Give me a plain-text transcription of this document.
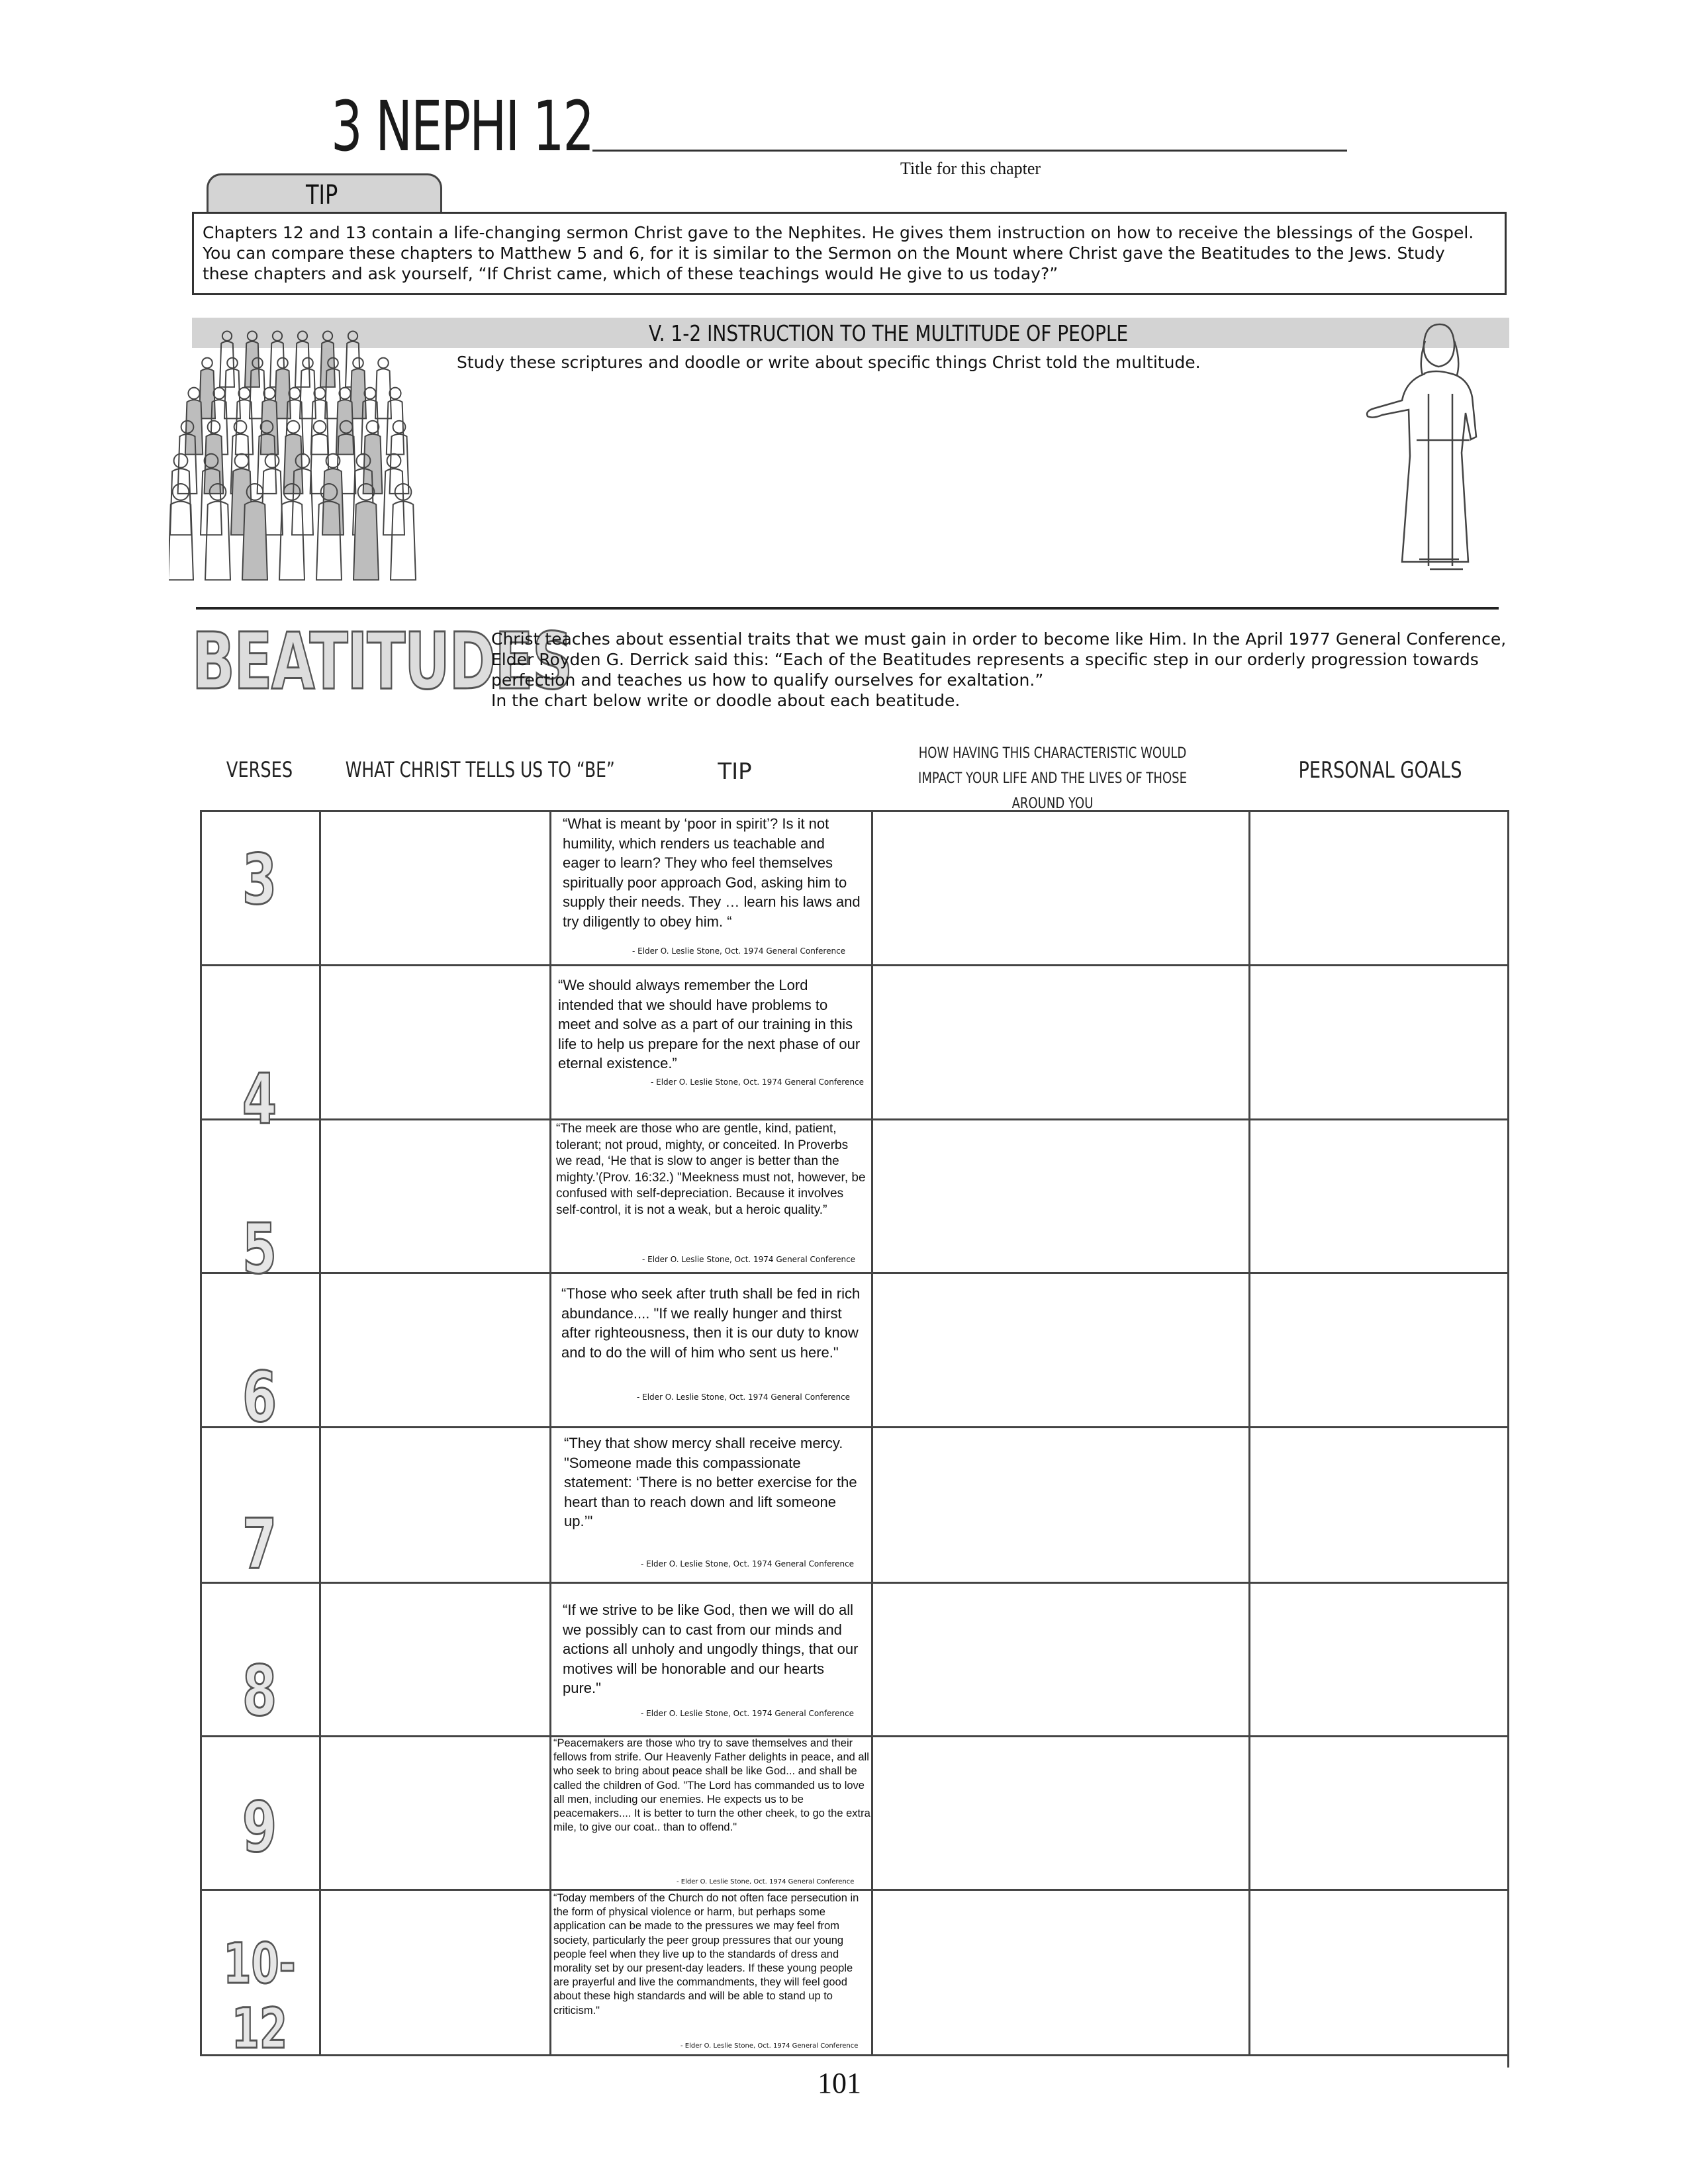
3 NEPHI 12
Title for this chapter
TIP
Chapters 12 and 13 contain a life-changing sermon Christ gave to the Nephites. He gives them instruction on how to receive the blessings of the Gospel. You can compare these chapters to Matthew 5 and 6, for it is similar to the Sermon on the Mount where Christ gave the Beatitudes to the Jews. Study these chapters and ask yourself, “If Christ came, which of these teachings would He give to us today?”
V. 1-2 INSTRUCTION TO THE MULTITUDE OF PEOPLE
Study these scriptures and doodle or write about specific things Christ told the multitude.
BEATITUDES
Christ teaches about essential traits that we must gain in order to become like Him. In the April 1977 General Conference, Elder Royden G. Derrick said this: “Each of the Beatitudes represents a specific step in our orderly progression towards perfection and teaches us how to qualify ourselves for exaltation.”
In the chart below write or doodle about each beatitude.
VERSES	WHAT CHRIST TELLS US TO “BE”	TIP
HOW HAVING THIS CHARACTERISTIC WOULD IMPACT YOUR LIFE AND THE LIVES OF THOSE AROUND YOU
PERSONAL GOALS
3
“What is meant by ‘poor in spirit’? Is it not humility, which renders us teachable and eager to learn? They who feel themselves spiritually poor approach God, asking him to supply their needs. They … learn his laws and try diligently to obey him. “
- Elder O. Leslie Stone, Oct. 1974 General Conference
4
“We should always remember the Lord intended that we should have problems to meet and solve as a part of our training in this life to help us prepare for the next phase of our eternal existence.”
- Elder O. Leslie Stone, Oct. 1974 General Conference
5
“The meek are those who are gentle, kind, patient, tolerant; not proud, mighty, or conceited. In Proverbs we read, ‘He that is slow to anger is better than the mighty.’(Prov. 16:32.) "Meekness must not, however, be confused with self-depreciation. Because it involves self-control, it is not a weak, but a heroic quality.”
- Elder O. Leslie Stone, Oct. 1974 General Conference
6
“Those who seek after truth shall be fed in rich abundance.... "If we really hunger and thirst after righteousness, then it is our duty to know and to do the will of him who sent us here."
- Elder O. Leslie Stone, Oct. 1974 General Conference
7
“They that show mercy shall receive mercy. "Someone made this compassionate statement: ‘There is no better exercise for the heart than to reach down and lift someone up.’"
- Elder O. Leslie Stone, Oct. 1974 General Conference
8
“If we strive to be like God, then we will do all we possibly can to cast from our minds and actions all unholy and ungodly things, that our motives will be honorable and our hearts pure."
- Elder O. Leslie Stone, Oct. 1974 General Conference
9
“Peacemakers are those who try to save themselves and their fellows from strife. Our Heavenly Father delights in peace, and all who seek to bring about peace shall be like God... and shall be called the children of God. "The Lord has commanded us to love all men, including our enemies. He expects us to be peacemakers.... It is better to turn the other cheek, to go the extra mile, to give our coat.. than to offend."
- Elder O. Leslie Stone, Oct. 1974 General Conference
10-12
“Today members of the Church do not often face persecution in the form of physical violence or harm, but perhaps some application can be made to the pressures we may feel from society, particularly the peer group pressures that our young people feel when they live up to the standards of dress and morality set by our present-day leaders. If these young people are prayerful and live the commandments, they will feel good about these high standards and will be able to stand up to criticism."
- Elder O. Leslie Stone, Oct. 1974 General Conference
101
